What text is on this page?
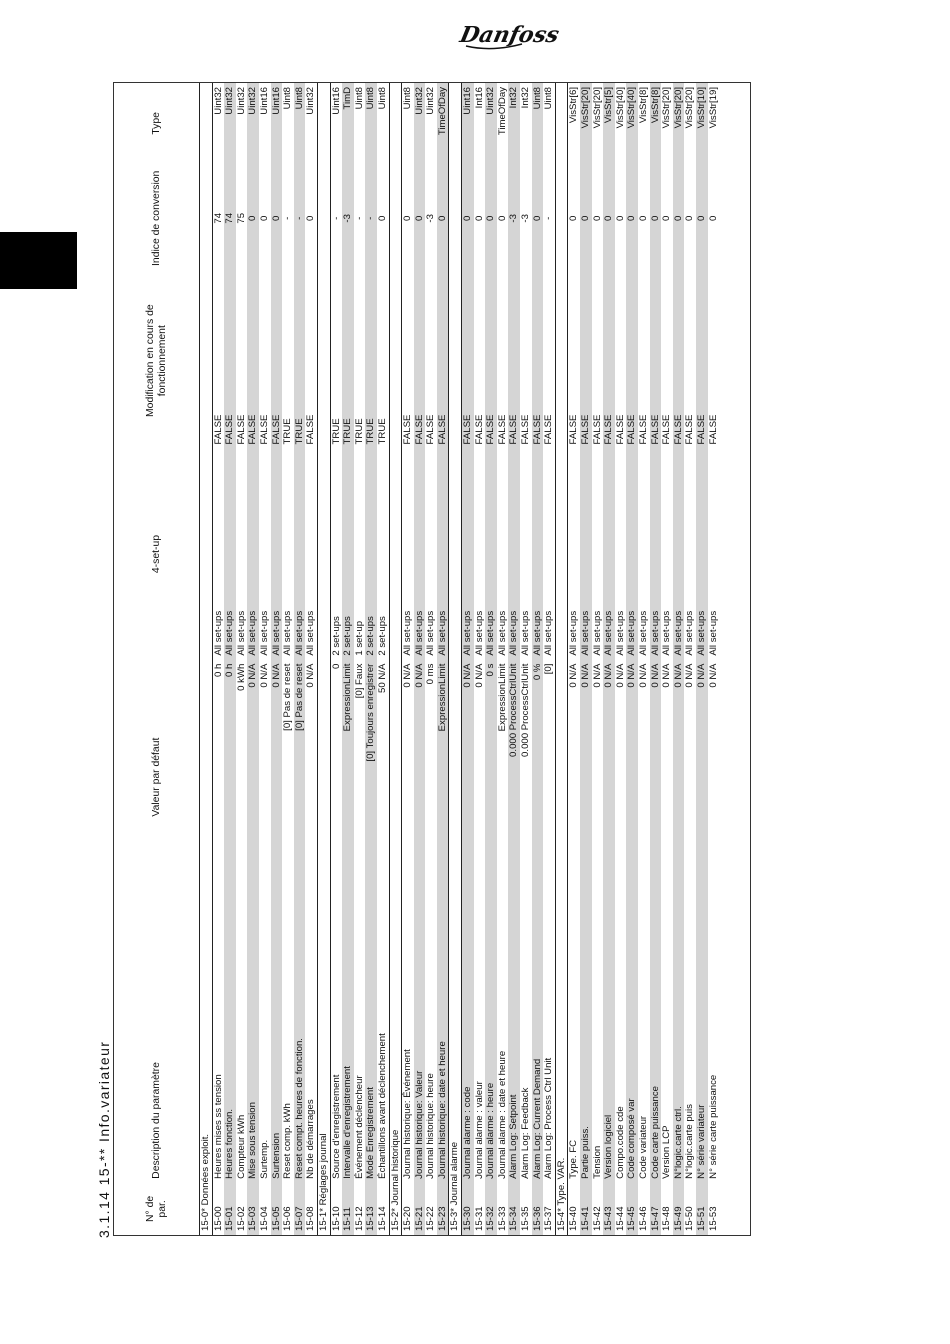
Danfoss
3.1.14 15-** Info.variateur	N° de par.	Description du paramètre	Valeur par défaut	4-set-up	Modification en cours de fonctionnement	Indice de conversion	Type
15-0* Données exploit.						
15-00	Heures mises ss tension	0 h	All set-ups	FALSE	74	Uint32
15-01	Heures fonction.	0 h	All set-ups	FALSE	74	Uint32
15-02	Compteur kWh	0 kWh	All set-ups	FALSE	75	Uint32
15-03	Mise sous tension	0 N/A	All set-ups	FALSE	0	Uint32
15-04	Surtemp.	0 N/A	All set-ups	FALSE	0	Uint16
15-05	Surtension	0 N/A	All set-ups	FALSE	0	Uint16
15-06	Reset comp. kWh	[0] Pas de reset	All set-ups	TRUE	-	Uint8
15-07	Reset compt. heures de fonction.	[0] Pas de reset	All set-ups	TRUE	-	Uint8
15-08	Nb de démarrages	0 N/A	All set-ups	FALSE	0	Uint32
15-1* Réglages journal						
15-10	Source d'enregistrement	0	2 set-ups	TRUE	-	Uint16
15-11	Intervalle d'enregistrement	ExpressionLimit	2 set-ups	TRUE	-3	TimD
15-12	Événement déclencheur	[0] Faux	1 set-up	TRUE	-	Uint8
15-13	Mode Enregistrement	[0] Toujours enregistrer	2 set-ups	TRUE	-	Uint8
15-14	Échantillons avant déclenchement	50 N/A	2 set-ups	TRUE	0	Uint8
15-2* Journal historique						
15-20	Journal historique: Événement	0 N/A	All set-ups	FALSE	0	Uint8
15-21	Journal historique: Valeur	0 N/A	All set-ups	FALSE	0	Uint32
15-22	Journal historique: heure	0 ms	All set-ups	FALSE	-3	Uint32
15-23	Journal historique: date et heure	ExpressionLimit	All set-ups	FALSE	0	TimeOfDay
15-3* Journal alarme						
15-30	Journal alarme : code	0 N/A	All set-ups	FALSE	0	Uint16
15-31	Journal alarme : valeur	0 N/A	All set-ups	FALSE	0	Int16
15-32	Journal alarme : heure	0 s	All set-ups	FALSE	0	Uint32
15-33	Journal alarme : date et heure	ExpressionLimit	All set-ups	FALSE	0	TimeOfDay
15-34	Alarm Log: Setpoint	0.000 ProcessCtrlUnit	All set-ups	FALSE	-3	Int32
15-35	Alarm Log: Feedback	0.000 ProcessCtrlUnit	All set-ups	FALSE	-3	Int32
15-36	Alarm Log: Current Demand	0 %	All set-ups	FALSE	0	Uint8
15-37	Alarm Log: Process Ctrl Unit	[0]	All set-ups	FALSE	-	Uint8
15-4* Type. VAR.						
15-40	Type. FC	0 N/A	All set-ups	FALSE	0	VisStr[6]
15-41	Partie puiss.	0 N/A	All set-ups	FALSE	0	VisStr[20]
15-42	Tension	0 N/A	All set-ups	FALSE	0	VisStr[20]
15-43	Version logiciel	0 N/A	All set-ups	FALSE	0	VisStr[5]
15-44	Compo.code cde	0 N/A	All set-ups	FALSE	0	VisStr[40]
15-45	Code composé var	0 N/A	All set-ups	FALSE	0	VisStr[40]
15-46	Code variateur	0 N/A	All set-ups	FALSE	0	VisStr[8]
15-47	Code carte puissance	0 N/A	All set-ups	FALSE	0	VisStr[8]
15-48	Version LCP	0 N/A	All set-ups	FALSE	0	VisStr[20]
15-49	N°logic.carte ctrl.	0 N/A	All set-ups	FALSE	0	VisStr[20]
15-50	N°logic.carte puis	0 N/A	All set-ups	FALSE	0	VisStr[20]
15-51	N° série variateur	0 N/A	All set-ups	FALSE	0	VisStr[10]
15-53	N° série carte puissance	0 N/A	All set-ups	FALSE	0	VisStr[19]
